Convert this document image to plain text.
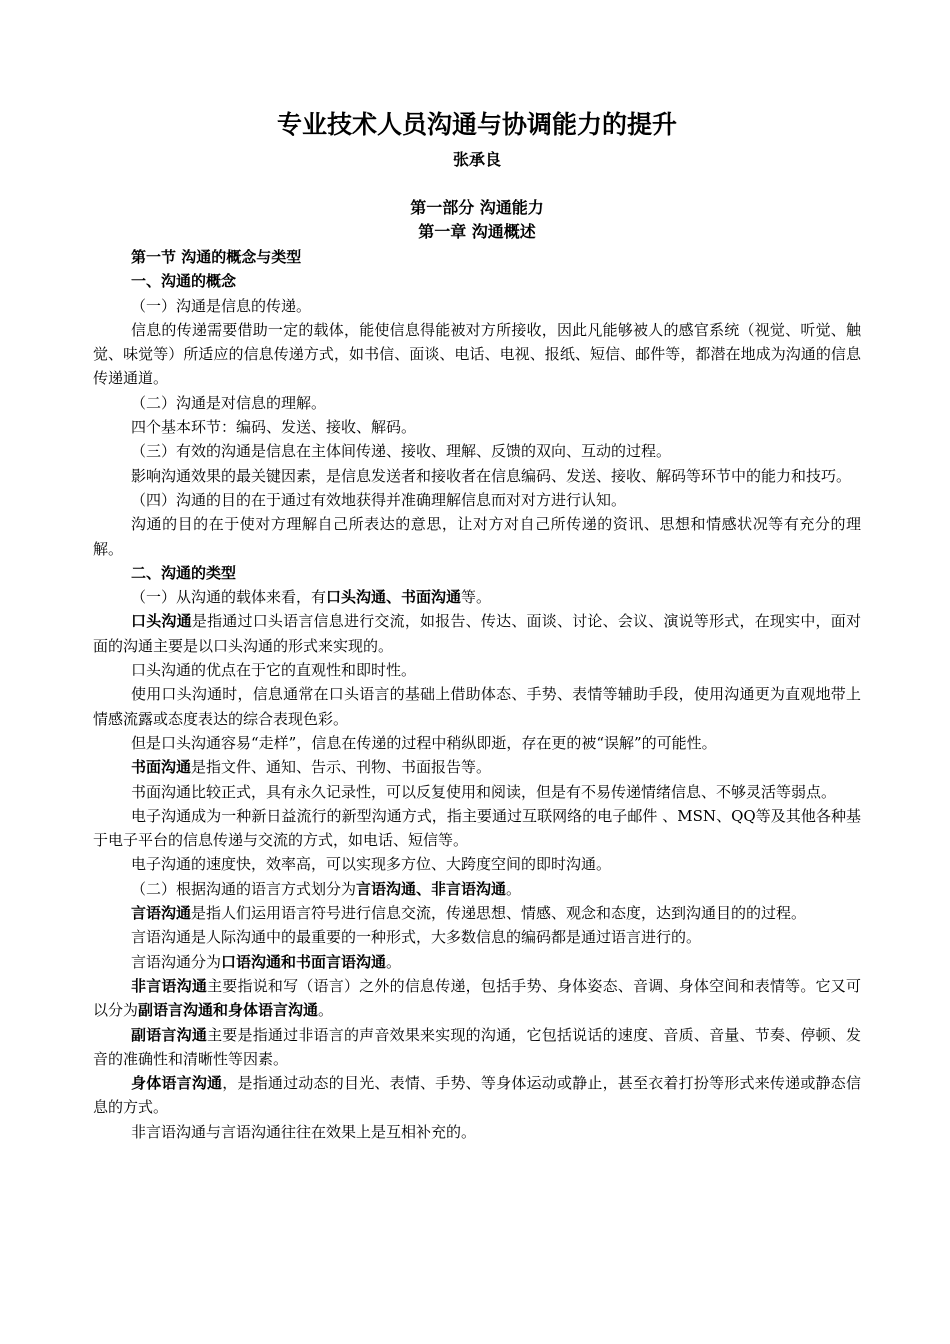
专业技术人员沟通与协调能力的提升
张承良
第一部分 沟通能力
第一章 沟通概述
第一节 沟通的概念与类型
一、沟通的概念
（一）沟通是信息的传递。
信息的传递需要借助一定的载体，能使信息得能被对方所接收，因此凡能够被人的感官系统（视觉、听觉、触觉、味觉等）所适应的信息传递方式，如书信、面谈、电话、电视、报纸、短信、邮件等，都潜在地成为沟通的信息传递通道。
（二）沟通是对信息的理解。
四个基本环节：编码、发送、接收、解码。
（三）有效的沟通是信息在主体间传递、接收、理解、反馈的双向、互动的过程。
影响沟通效果的最关键因素，是信息发送者和接收者在信息编码、发送、接收、解码等环节中的能力和技巧。
（四）沟通的目的在于通过有效地获得并准确理解信息而对对方进行认知。
沟通的目的在于使对方理解自己所表达的意思，让对方对自己所传递的资讯、思想和情感状况等有充分的理解。
二、沟通的类型
（一）从沟通的载体来看，有口头沟通、书面沟通等。
口头沟通是指通过口头语言信息进行交流，如报告、传达、面谈、讨论、会议、演说等形式，在现实中，面对面的沟通主要是以口头沟通的形式来实现的。
口头沟通的优点在于它的直观性和即时性。
使用口头沟通时，信息通常在口头语言的基础上借助体态、手势、表情等辅助手段，使用沟通更为直观地带上情感流露或态度表达的综合表现色彩。
但是口头沟通容易“走样”，信息在传递的过程中稍纵即逝，存在更的被“误解”的可能性。
书面沟通是指文件、通知、告示、刊物、书面报告等。
书面沟通比较正式，具有永久记录性，可以反复使用和阅读，但是有不易传递情绪信息、不够灵活等弱点。
电子沟通成为一种新日益流行的新型沟通方式，指主要通过互联网络的电子邮件 、MSN、QQ等及其他各种基于电子平台的信息传递与交流的方式，如电话、短信等。
电子沟通的速度快，效率高，可以实现多方位、大跨度空间的即时沟通。
（二）根据沟通的语言方式划分为言语沟通、非言语沟通。
言语沟通是指人们运用语言符号进行信息交流，传递思想、情感、观念和态度，达到沟通目的的过程。
言语沟通是人际沟通中的最重要的一种形式，大多数信息的编码都是通过语言进行的。
言语沟通分为口语沟通和书面言语沟通。
非言语沟通主要指说和写（语言）之外的信息传递，包括手势、身体姿态、音调、身体空间和表情等。它又可以分为副语言沟通和身体语言沟通。
副语言沟通主要是指通过非语言的声音效果来实现的沟通，它包括说话的速度、音质、音量、节奏、停顿、发音的准确性和清晰性等因素。
身体语言沟通，是指通过动态的目光、表情、手势、等身体运动或静止，甚至衣着打扮等形式来传递或静态信息的方式。
非言语沟通与言语沟通往往在效果上是互相补充的。
